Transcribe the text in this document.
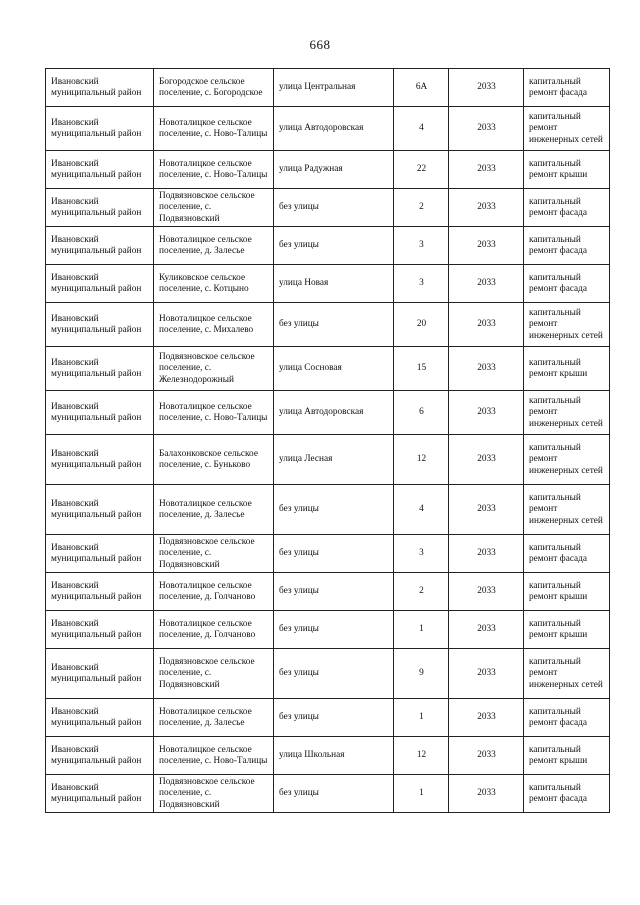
668
Ивановский муниципальный район	Богородское сельское поселение, с. Богородское	улица Центральная	6А	2033	капитальный ремонт фасада
Ивановский муниципальный район	Новоталицкое сельское поселение, с. Ново-Талицы	улица Автодоровская	4	2033	капитальный ремонт инженерных сетей
Ивановский муниципальный район	Новоталицкое сельское поселение, с. Ново-Талицы	улица Радужная	22	2033	капитальный ремонт крыши
Ивановский муниципальный район	Подвязновское сельское поселение, с. Подвязновский	без улицы	2	2033	капитальный ремонт фасада
Ивановский муниципальный район	Новоталицкое сельское поселение, д. Залесье	без улицы	3	2033	капитальный ремонт фасада
Ивановский муниципальный район	Куликовское сельское поселение, с. Котцыно	улица Новая	3	2033	капитальный ремонт фасада
Ивановский муниципальный район	Новоталицкое сельское поселение, с. Михалево	без улицы	20	2033	капитальный ремонт инженерных сетей
Ивановский муниципальный район	Подвязновское сельское поселение, с. Железнодорожный	улица Сосновая	15	2033	капитальный ремонт крыши
Ивановский муниципальный район	Новоталицкое сельское поселение, с. Ново-Талицы	улица Автодоровская	6	2033	капитальный ремонт инженерных сетей
Ивановский муниципальный район	Балахонковское сельское поселение, с. Буньково	улица Лесная	12	2033	капитальный ремонт инженерных сетей
Ивановский муниципальный район	Новоталицкое сельское поселение, д. Залесье	без улицы	4	2033	капитальный ремонт инженерных сетей
Ивановский муниципальный район	Подвязновское сельское поселение, с. Подвязновский	без улицы	3	2033	капитальный ремонт фасада
Ивановский муниципальный район	Новоталицкое сельское поселение, д. Голчаново	без улицы	2	2033	капитальный ремонт крыши
Ивановский муниципальный район	Новоталицкое сельское поселение, д. Голчаново	без улицы	1	2033	капитальный ремонт крыши
Ивановский муниципальный район	Подвязновское сельское поселение, с. Подвязновский	без улицы	9	2033	капитальный ремонт инженерных сетей
Ивановский муниципальный район	Новоталицкое сельское поселение, д. Залесье	без улицы	1	2033	капитальный ремонт фасада
Ивановский муниципальный район	Новоталицкое сельское поселение, с. Ново-Талицы	улица Школьная	12	2033	капитальный ремонт крыши
Ивановский муниципальный район	Подвязновское сельское поселение, с. Подвязновский	без улицы	1	2033	капитальный ремонт фасада
